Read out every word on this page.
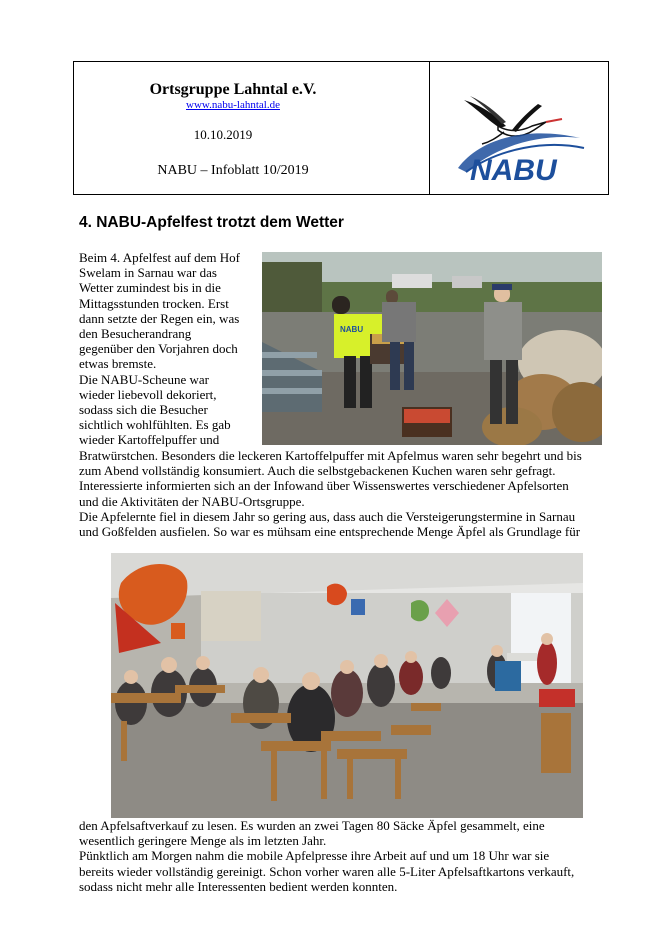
Ortsgruppe Lahntal e.V.
www.nabu-lahntal.de
10.10.2019
NABU – Infoblatt 10/2019	NABU
4. NABU-Apfelfest trotzt dem Wetter

Beim 4. Apfelfest auf dem Hof

Swelam in Sarnau war das

Wetter zumindest bis in die

Mittagsstunden trocken. Erst

dann setzte der Regen ein, was

den Besucherandrang

gegenüber den Vorjahren doch

etwas bremste.

Die NABU-Scheune war

wieder liebevoll dekoriert,

sodass sich die Besucher

sichtlich wohlfühlten. Es gab

wieder Kartoffelpuffer und

NABU

Bratwürstchen. Besonders die leckeren Kartoffelpuffer mit Apfelmus waren sehr begehrt und bis

zum Abend vollständig konsumiert. Auch die selbstgebackenen Kuchen waren sehr gefragt.

Interessierte informierten sich an der Infowand über Wissenswertes verschiedener Apfelsorten

und die Aktivitäten der NABU-Ortsgruppe.

Die Apfelernte fiel in diesem Jahr so gering aus, dass auch die Versteigerungstermine in Sarnau

und Goßfelden ausfielen. So war es mühsam eine entsprechende Menge Äpfel als Grundlage für

den Apfelsaftverkauf zu lesen. Es wurden an zwei Tagen 80 Säcke Äpfel gesammelt, eine

wesentlich geringere Menge als im letzten Jahr.

Pünktlich am Morgen nahm die mobile Apfelpresse ihre Arbeit auf und um 18 Uhr war sie

bereits wieder vollständig gereinigt. Schon vorher waren alle 5-Liter Apfelsaftkartons verkauft,

sodass nicht mehr alle Interessenten bedient werden konnten.
